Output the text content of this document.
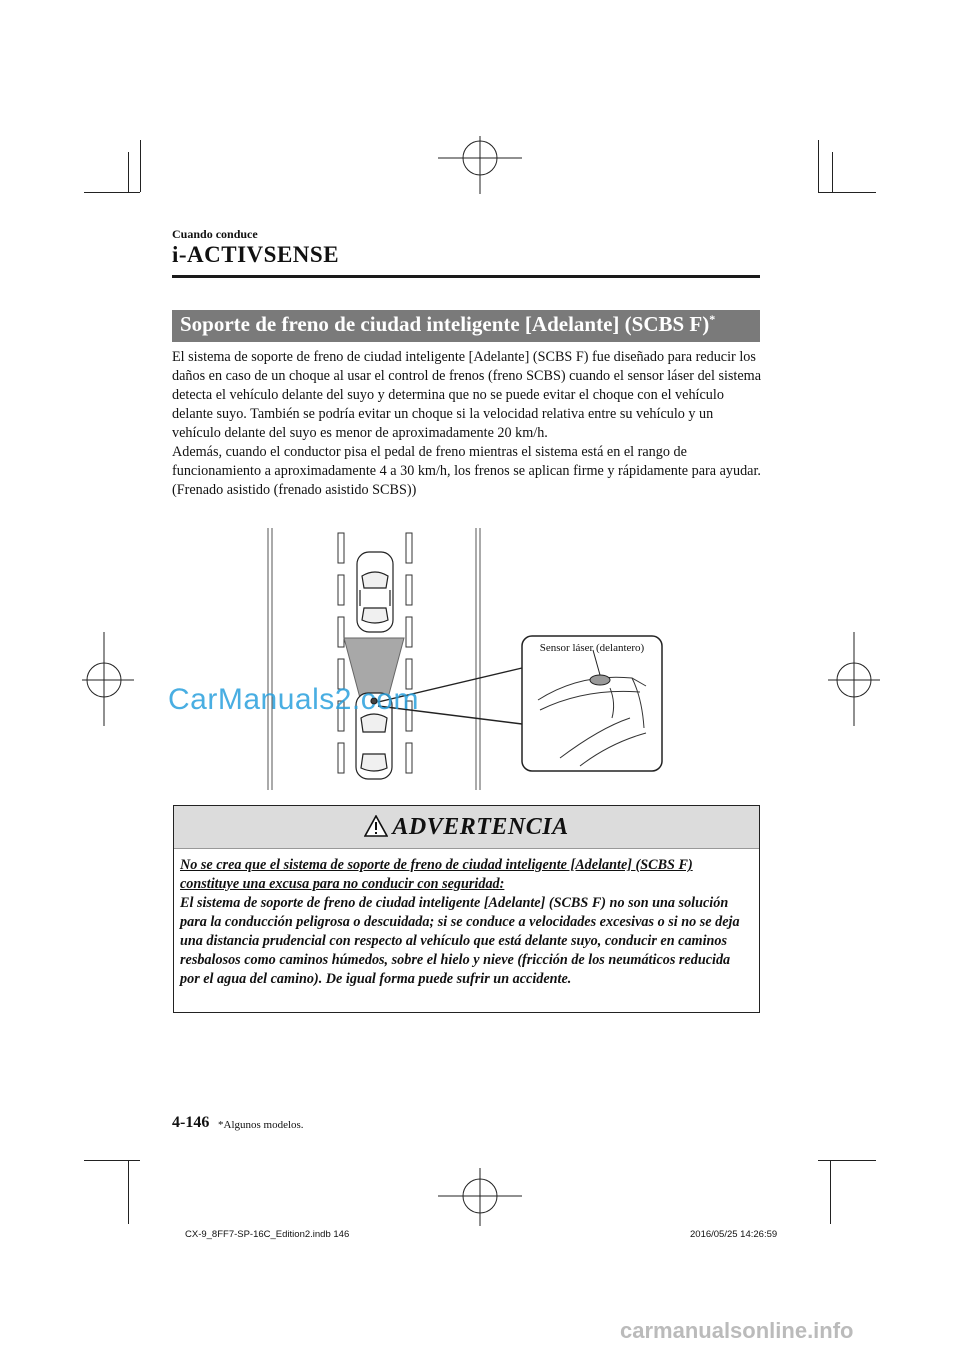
Cuando conduce
i-ACTIVSENSE
Soporte de freno de ciudad inteligente [Adelante] (SCBS F)*

El sistema de soporte de freno de ciudad inteligente [Adelante] (SCBS F) fue diseñado para reducir los daños en caso de un choque al usar el control de frenos (freno SCBS) cuando el sensor láser del sistema detecta el vehículo delante del suyo y determina que no se puede evitar el choque con el vehículo delante suyo. También se podría evitar un choque si la velocidad relativa entre su vehículo y un vehículo delante del suyo es menor de aproximadamente 20 km/h.

Además, cuando el conductor pisa el pedal de freno mientras el sistema está en el rango de funcionamiento a aproximadamente 4 a 30 km/h, los frenos se aplican firme y rápidamente para ayudar. (Frenado asistido (frenado asistido SCBS))

Sensor láser (delantero)
CarManuals2.com
ADVERTENCIA

No se crea que el sistema de soporte de freno de ciudad inteligente [Adelante] (SCBS F) constituye una excusa para no conducir con seguridad:

El sistema de soporte de freno de ciudad inteligente [Adelante] (SCBS F) no son una solución para la conducción peligrosa o descuidada; si se conduce a velocidades excesivas o si no se deja una distancia prudencial con respecto al vehículo que está delante suyo, conducir en caminos resbalosos como caminos húmedos, sobre el hielo y nieve (fricción de los neumáticos reducida por el agua del camino). De igual forma puede sufrir un accidente.

4-146 *Algunos modelos.
CX-9_8FF7-SP-16C_Edition2.indb 146	2016/05/25 14:26:59
carmanualsonline.info
